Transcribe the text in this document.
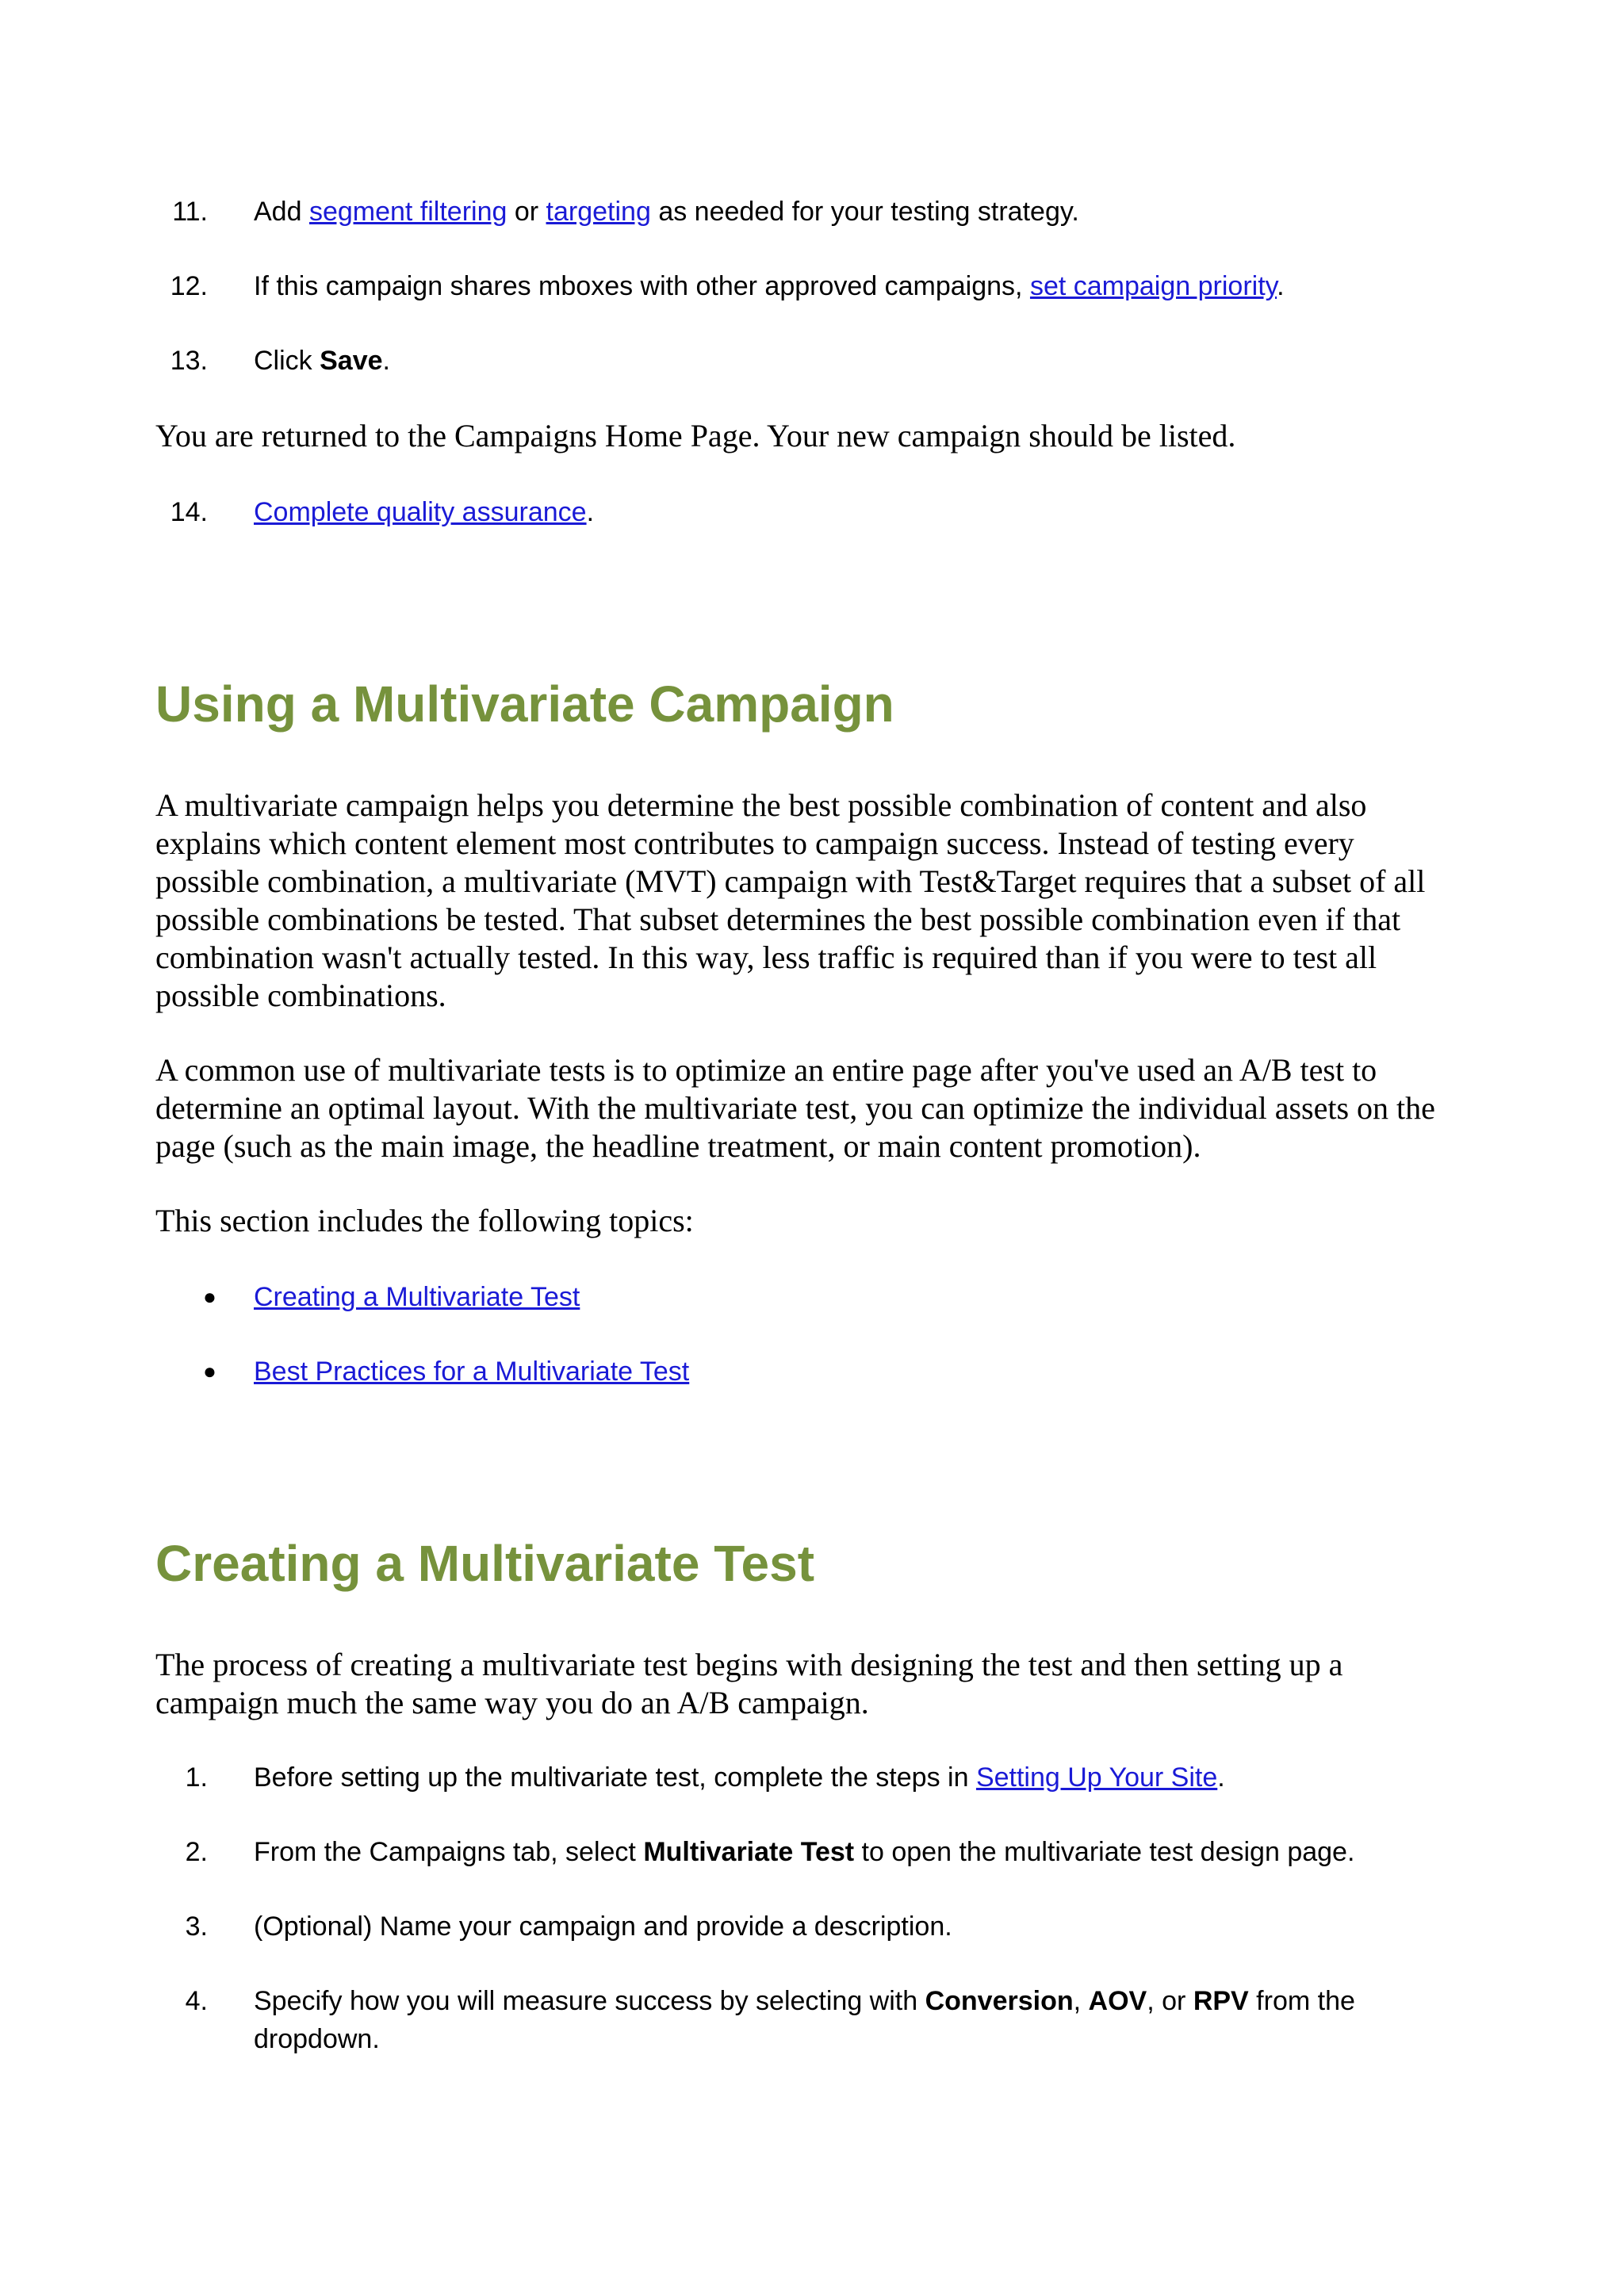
11. Add segment filtering or targeting as needed for your testing strategy.
12. If this campaign shares mboxes with other approved campaigns, set campaign priority.
13. Click Save.

You are returned to the Campaigns Home Page. Your new campaign should be listed.

14. Complete quality assurance.
Using a Multivariate Campaign

A multivariate campaign helps you determine the best possible combination of content and also explains which content element most contributes to campaign success. Instead of testing every possible combination, a multivariate (MVT) campaign with Test&Target requires that a subset of all possible combinations be tested. That subset determines the best possible combination even if that combination wasn't actually tested. In this way, less traffic is required than if you were to test all possible combinations.

A common use of multivariate tests is to optimize an entire page after you've used an A/B test to determine an optimal layout. With the multivariate test, you can optimize the individual assets on the page (such as the main image, the headline treatment, or main content promotion).

This section includes the following topics:

● Creating a Multivariate Test
● Best Practices for a Multivariate Test
Creating a Multivariate Test

The process of creating a multivariate test begins with designing the test and then setting up a campaign much the same way you do an A/B campaign.

1. Before setting up the multivariate test, complete the steps in Setting Up Your Site.
2. From the Campaigns tab, select Multivariate Test to open the multivariate test design page.
3. (Optional) Name your campaign and provide a description.
4. Specify how you will measure success by selecting with Conversion, AOV, or RPV from the
dropdown.
